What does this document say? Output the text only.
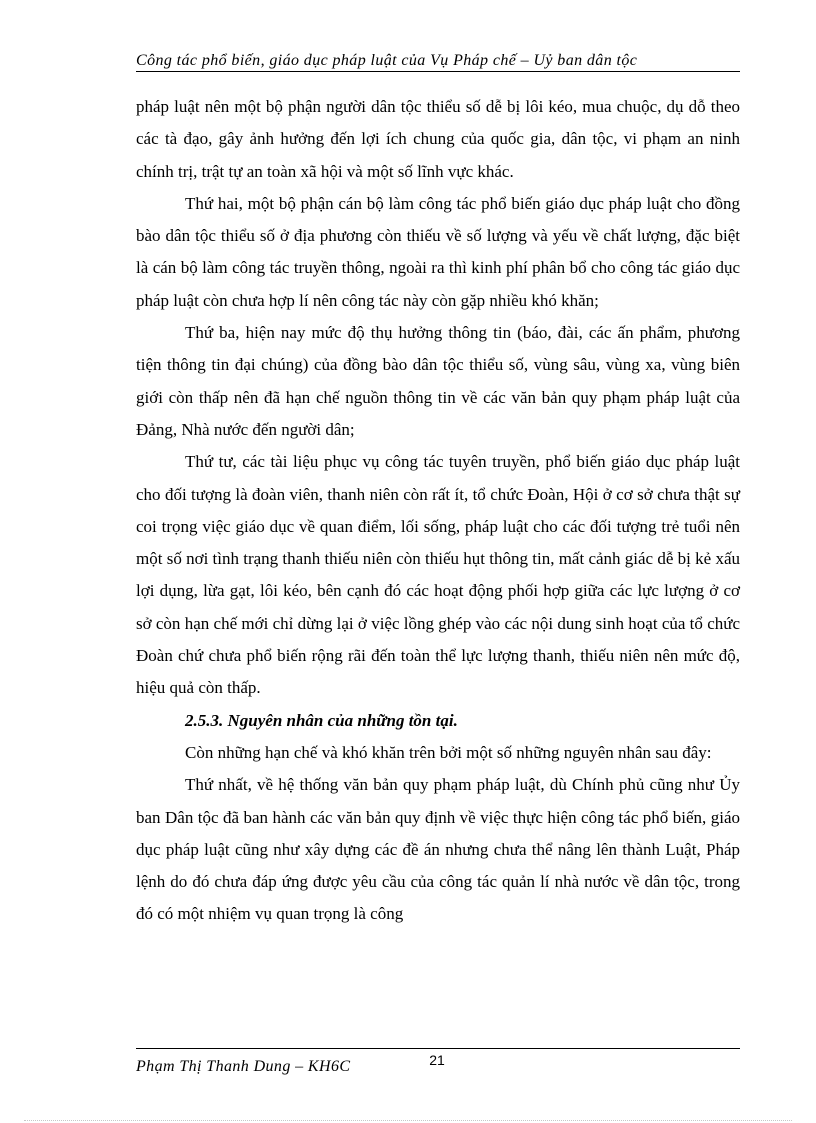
Công tác phổ biến, giáo dục pháp luật của Vụ Pháp chế – Uỷ ban dân tộc

pháp luật nên một bộ phận người dân tộc thiểu số dễ bị lôi kéo, mua chuộc, dụ dỗ theo các tà đạo, gây ảnh hưởng đến lợi ích chung của quốc gia, dân tộc, vi phạm an ninh chính trị, trật tự an toàn xã hội và một số lĩnh vực khác.

Thứ hai, một bộ phận cán bộ làm công tác phổ biến giáo dục pháp luật cho đồng bào dân tộc thiểu số ở địa phương còn thiếu về số lượng và yếu về chất lượng, đặc biệt là cán bộ làm công tác truyền thông, ngoài ra thì kinh phí phân bổ cho công tác giáo dục pháp luật còn chưa hợp lí nên công tác này còn gặp nhiều khó khăn;

Thứ ba, hiện nay mức độ thụ hưởng thông tin (báo, đài, các ấn phẩm, phương tiện thông tin đại chúng) của đồng bào dân tộc thiểu số, vùng sâu, vùng xa, vùng biên giới còn thấp nên đã hạn chế nguồn thông tin về các văn bản quy phạm pháp luật của Đảng, Nhà nước đến người dân;

Thứ tư, các tài liệu phục vụ công tác tuyên truyền, phổ biến giáo dục pháp luật cho đối tượng là đoàn viên, thanh niên còn rất ít, tổ chức Đoàn, Hội ở cơ sở chưa thật sự coi trọng việc giáo dục về quan điểm, lối sống, pháp luật cho các đối tượng trẻ tuổi nên một số nơi tình trạng thanh thiếu niên còn thiếu hụt thông tin, mất cảnh giác dễ bị kẻ xấu lợi dụng, lừa gạt, lôi kéo, bên cạnh đó các hoạt động phối hợp giữa các lực lượng ở cơ sở còn hạn chế mới chỉ dừng lại ở việc lồng ghép vào các nội dung sinh hoạt của tổ chức Đoàn chứ chưa phổ biến rộng rãi đến toàn thể lực lượng thanh, thiếu niên nên mức độ, hiệu quả còn thấp.

2.5.3. Nguyên nhân của những tồn tại.

Còn những hạn chế và khó khăn trên bởi một số những nguyên nhân sau đây:

Thứ nhất, về hệ thống văn bản quy phạm pháp luật, dù Chính phủ cũng như Ủy ban Dân tộc đã ban hành các văn bản quy định về việc thực hiện công tác phổ biến, giáo dục pháp luật cũng như xây dựng các đề án nhưng chưa thể nâng lên thành Luật, Pháp lệnh do đó chưa đáp ứng được yêu cầu của công tác quản lí nhà nước về dân tộc, trong đó có một nhiệm vụ quan trọng là công

Phạm Thị Thanh Dung – KH6C	21
